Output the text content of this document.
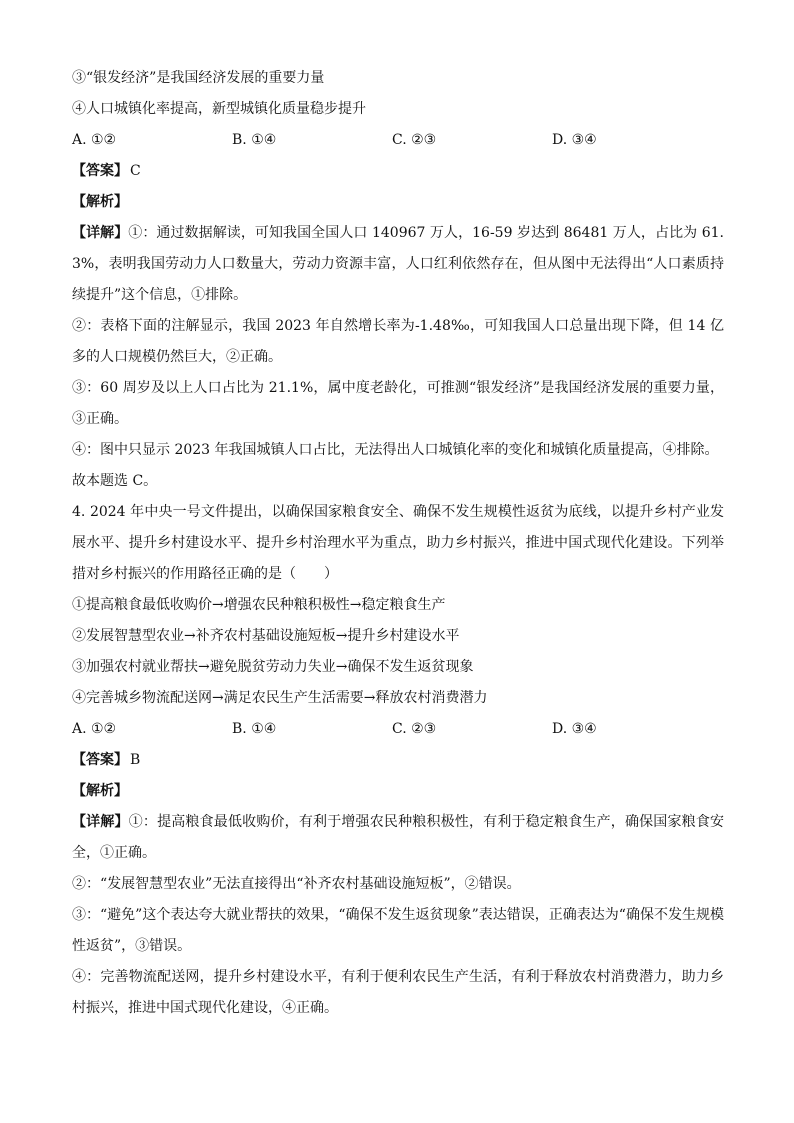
③“银发经济”是我国经济发展的重要力量
④人口城镇化率提高，新型城镇化质量稳步提升
A. ①②	B. ①④	C. ②③	D. ③④
【答案】 C
【解析】
【详解】①：通过数据解读，可知我国全国人口 140967 万人，16-59 岁达到 86481 万人，占比为 61.3%，表明我国劳动力人口数量大，劳动力资源丰富，人口红利依然存在，但从图中无法得出“人口素质持续提升”这个信息，①排除。
②：表格下面的注解显示，我国 2023 年自然增长率为-1.48‰，可知我国人口总量出现下降，但 14 亿多的人口规模仍然巨大，②正确。
③：60 周岁及以上人口占比为 21.1%，属中度老龄化，可推测“银发经济”是我国经济发展的重要力量，③正确。
④：图中只显示 2023 年我国城镇人口占比，无法得出人口城镇化率的变化和城镇化质量提高，④排除。
故本题选 C。
4. 2024 年中央一号文件提出，以确保国家粮食安全、确保不发生规模性返贫为底线，以提升乡村产业发展水平、提升乡村建设水平、提升乡村治理水平为重点，助力乡村振兴，推进中国式现代化建设。下列举措对乡村振兴的作用路径正确的是（　　）
①提高粮食最低收购价→增强农民种粮积极性→稳定粮食生产
②发展智慧型农业→补齐农村基础设施短板→提升乡村建设水平
③加强农村就业帮扶→避免脱贫劳动力失业→确保不发生返贫现象
④完善城乡物流配送网→满足农民生产生活需要→释放农村消费潜力
A. ①②	B. ①④	C. ②③	D. ③④
【答案】 B
【解析】
【详解】①：提高粮食最低收购价，有利于增强农民种粮积极性，有利于稳定粮食生产，确保国家粮食安全，①正确。
②：“发展智慧型农业”无法直接得出“补齐农村基础设施短板”，②错误。
③：“避免”这个表达夸大就业帮扶的效果，“确保不发生返贫现象”表达错误，正确表达为“确保不发生规模性返贫”，③错误。
④：完善物流配送网，提升乡村建设水平，有利于便利农民生产生活，有利于释放农村消费潜力，助力乡村振兴，推进中国式现代化建设，④正确。
